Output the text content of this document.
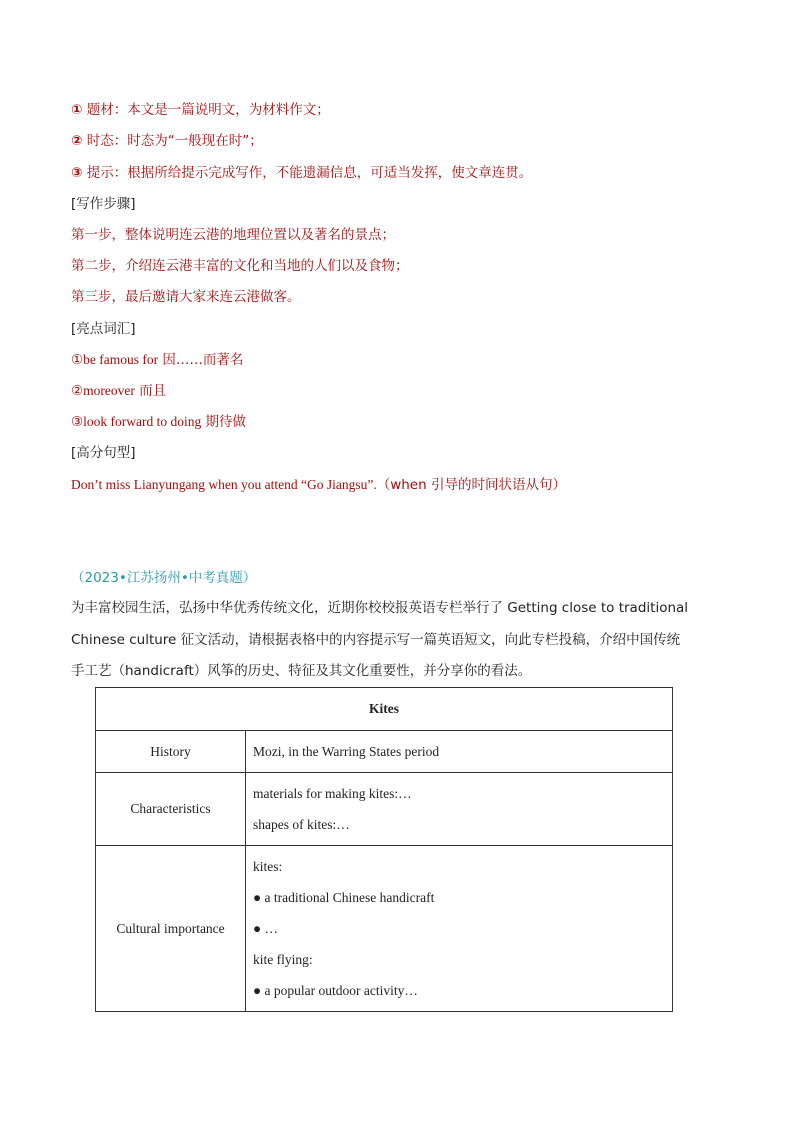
① 题材：本文是一篇说明文，为材料作文；
② 时态：时态为“一般现在时”；
③ 提示：根据所给提示完成写作，不能遗漏信息，可适当发挥，使文章连贯。
[写作步骤]
第一步，整体说明连云港的地理位置以及著名的景点；
第二步，介绍连云港丰富的文化和当地的人们以及食物；
第三步，最后邀请大家来连云港做客。
[亮点词汇]
①be famous for 因……而著名
②moreover 而且
③look forward to doing 期待做
[高分句型]
Don’t miss Lianyungang when you attend “Go Jiangsu”.（when 引导的时间状语从句）
（2023•江苏扬州•中考真题）
为丰富校园生活，弘扬中华优秀传统文化，近期你校校报英语专栏举行了 Getting close to traditional
Chinese culture 征文活动，请根据表格中的内容提示写一篇英语短文，向此专栏投稿，介绍中国传统
手工艺（handicraft）风筝的历史、特征及其文化重要性，并分享你的看法。
Kites	
History	Mozi, in the Warring States period

Characteristics	materials for making kites:…
shapes of kites:…

Cultural importance	kites:
● a traditional Chinese handicraft
● …
kite flying:
● a popular outdoor activity…
